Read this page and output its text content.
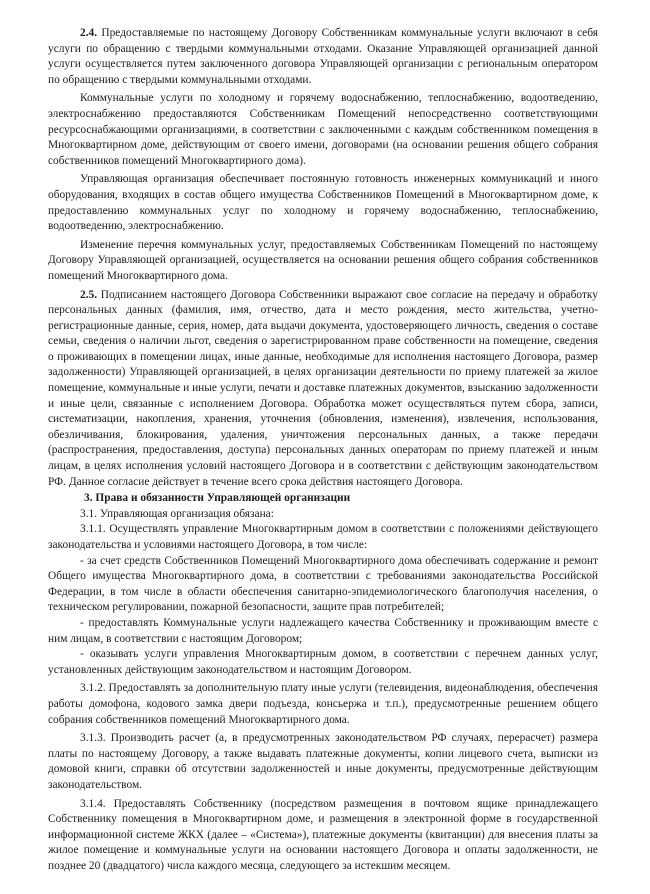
2.4. Предоставляемые по настоящему Договору Собственникам коммунальные услуги включают в себя услуги по обращению с твердыми коммунальными отходами. Оказание Управляющей организацией данной услуги осуществляется путем заключенного договора Управляющей организации с региональным оператором по обращению с твердыми коммунальными отходами.

Коммунальные услуги по холодному и горячему водоснабжению, теплоснабжению, водоотведению, электроснабжению предоставляются Собственникам Помещений непосредственно соответствующими ресурсоснабжающими организациями, в соответствии с заключенными с каждым собственником помещения в Многоквартирном доме, действующим от своего имени, договорами (на основании решения общего собрания собственников помещений Многоквартирного дома).

Управляющая организация обеспечивает постоянную готовность инженерных коммуникаций и иного оборудования, входящих в состав общего имущества Собственников Помещений в Многоквартирном доме, к предоставлению коммунальных услуг по холодному и горячему водоснабжению, теплоснабжению, водоотведению, электроснабжению.

Изменение перечня коммунальных услуг, предоставляемых Собственникам Помещений по настоящему Договору Управляющей организацией, осуществляется на основании решения общего собрания собственников помещений Многоквартирного дома.

2.5. Подписанием настоящего Договора Собственники выражают свое согласие на передачу и обработку персональных данных (фамилия, имя, отчество, дата и место рождения, место жительства, учетно-регистрационные данные, серия, номер, дата выдачи документа, удостоверяющего личность, сведения о составе семьи, сведения о наличии льгот, сведения о зарегистрированном праве собственности на помещение, сведения о проживающих в помещении лицах, иные данные, необходимые для исполнения настоящего Договора, размер задолженности) Управляющей организацией, в целях организации деятельности по приему платежей за жилое помещение, коммунальные и иные услуги, печати и доставке платежных документов, взысканию задолженности и иные цели, связанные с исполнением Договора. Обработка может осуществляться путем сбора, записи, систематизации, накопления, хранения, уточнения (обновления, изменения), извлечения, использования, обезличивания, блокирования, удаления, уничтожения персональных данных, а также передачи (распространения, предоставления, доступа) персональных данных операторам по приему платежей и иным лицам, в целях исполнения условий настоящего Договора и в соответствии с действующим законодательством РФ. Данное согласие действует в течение всего срока действия настоящего Договора.

3. Права и обязанности Управляющей организации

3.1. Управляющая организация обязана:

3.1.1. Осуществлять управление Многоквартирным домом в соответствии с положениями действующего законодательства и условиями настоящего Договора, в том числе:

- за счет средств Собственников Помещений Многоквартирного дома обеспечивать содержание и ремонт Общего имущества Многоквартирного дома, в соответствии с требованиями законодательства Российской Федерации, в том числе в области обеспечения санитарно-эпидемиологического благополучия населения, о техническом регулировании, пожарной безопасности, защите прав потребителей;

- предоставлять Коммунальные услуги надлежащего качества Собственнику и проживающим вместе с ним лицам, в соответствии с настоящим Договором;

- оказывать услуги управления Многоквартирным домом, в соответствии с перечнем данных услуг, установленных действующим законодательством и настоящим Договором.

3.1.2. Предоставлять за дополнительную плату иные услуги (телевидения, видеонаблюдения, обеспечения работы домофона, кодового замка двери подъезда, консьержа и т.п.), предусмотренные решением общего собрания собственников помещений Многоквартирного дома.

3.1.3. Производить расчет (а, в предусмотренных законодательством РФ случаях, перерасчет) размера платы по настоящему Договору, а также выдавать платежные документы, копии лицевого счета, выписки из домовой книги, справки об отсутствии задолженностей и иные документы, предусмотренные действующим законодательством.

3.1.4. Предоставлять Собственнику (посредством размещения в почтовом ящике принадлежащего Собственнику помещения в Многоквартирном доме, и размещения в электронной форме в государственной информационной системе ЖКХ (далее – «Система»), платежные документы (квитанции) для внесения платы за жилое помещение и коммунальные услуги на основании настоящего Договора и оплаты задолженности, не позднее 20 (двадцатого) числа каждого месяца, следующего за истекшим месяцем.
